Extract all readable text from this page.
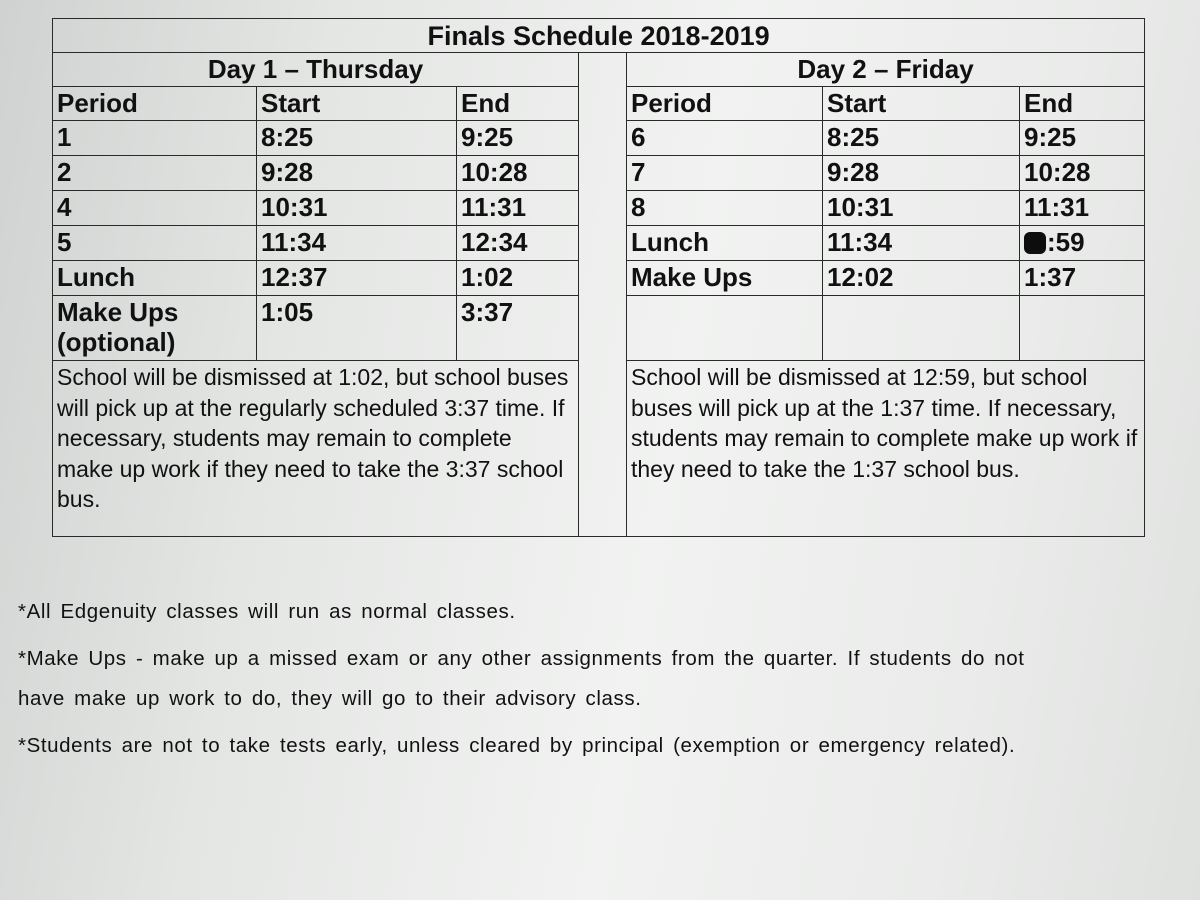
Finals Schedule 2018-2019						
Day 1 – Thursday				Day 2 – Friday		
Period	Start	End		Period	Start	End
1	8:25	9:25		6	8:25	9:25
2	9:28	10:28		7	9:28	10:28
4	10:31	11:31		8	10:31	11:31
5	11:34	12:34		Lunch	11:34	:59
Lunch	12:37	1:02		Make Ups	12:02	1:37
Make Ups (optional)	1:05	3:37				
School will be dismissed at 1:02, but school buses will pick up at the regularly scheduled 3:37 time. If necessary, students may remain to complete make up work if they need to take the 3:37 school bus.				School will be dismissed at 12:59, but school buses will pick up at the 1:37 time. If necessary, students may remain to complete make up work if they need to take the 1:37 school bus.		

*All Edgenuity classes will run as normal classes.

*Make Ups - make up a missed exam or any other assignments from the quarter. If students do not

have make up work to do, they will go to their advisory class.

*Students are not to take tests early, unless cleared by principal (exemption or emergency related).
